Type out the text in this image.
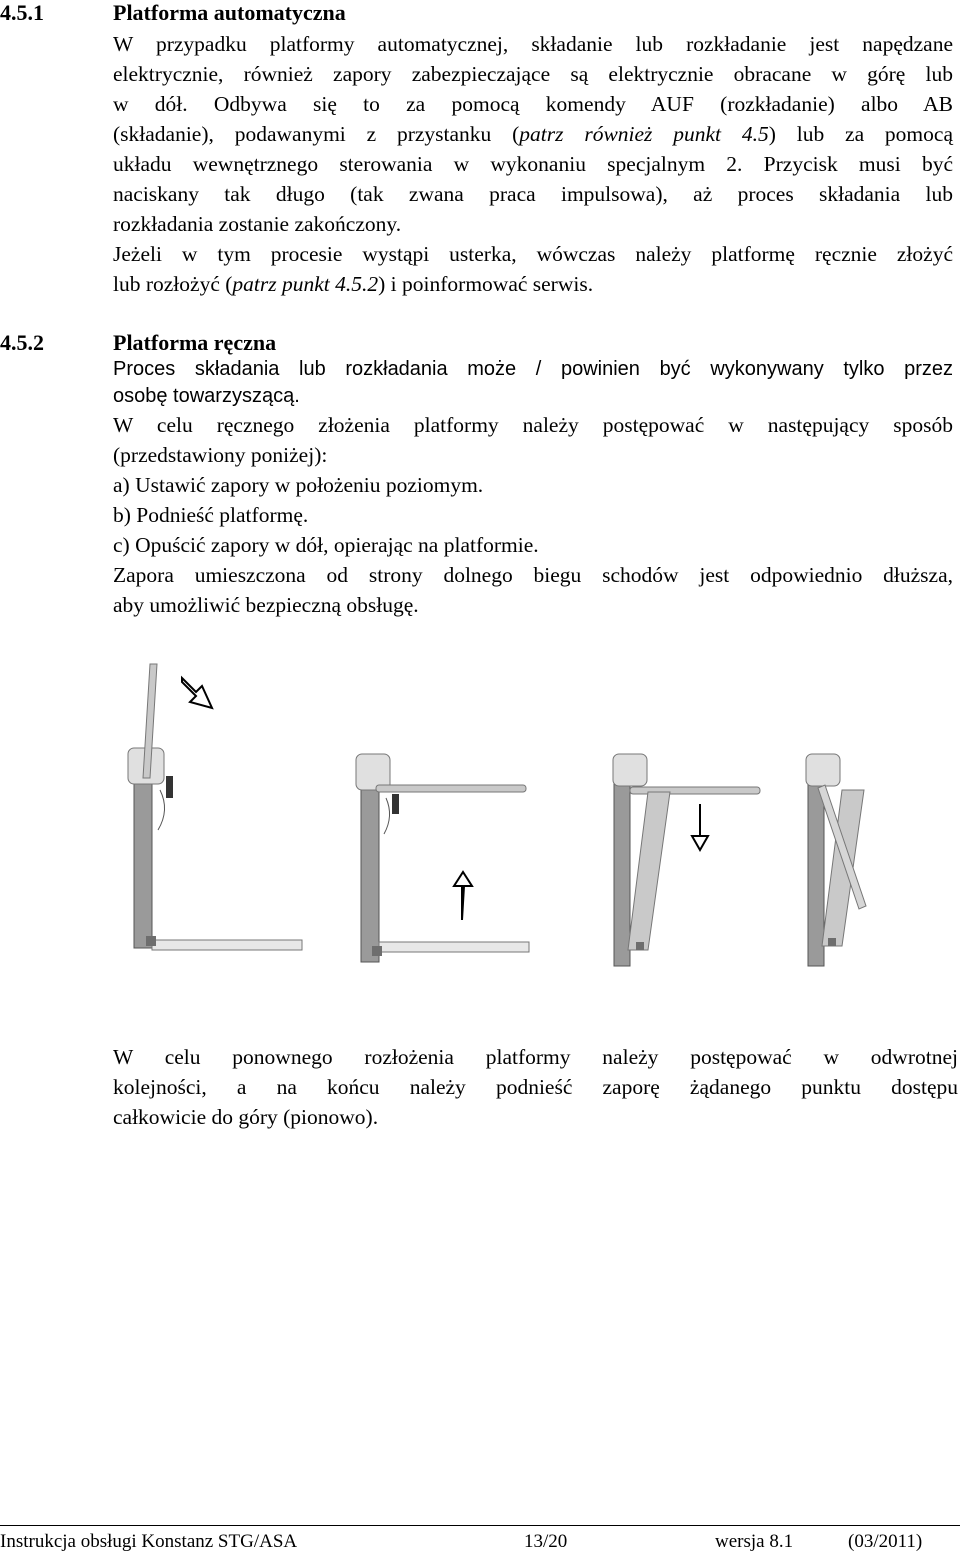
4.5.1	Platforma automatyczna
W przypadku platformy automatycznej, składanie lub rozkładanie jest napędzane
elektrycznie, również zapory zabezpieczające są elektrycznie obracane w górę lub
w dół. Odbywa się to za pomocą komendy AUF (rozkładanie) albo AB
(składanie), podawanymi z przystanku (patrz również punkt 4.5) lub za pomocą
układu wewnętrznego sterowania w wykonaniu specjalnym 2. Przycisk musi być
naciskany tak długo (tak zwana praca impulsowa), aż proces składania lub
rozkładania zostanie zakończony.
Jeżeli w tym procesie wystąpi usterka, wówczas należy platformę ręcznie złożyć
lub rozłożyć (patrz punkt 4.5.2) i poinformować serwis.
4.5.2	Platforma ręczna
Proces składania lub rozkładania może / powinien być wykonywany tylko przez
osobę towarzyszącą.
W celu ręcznego złożenia platformy należy postępować w następujący sposób
(przedstawiony poniżej):
a) Ustawić zapory w położeniu poziomym.
b) Podnieść platformę.
c) Opuścić zapory w dół, opierając na platformie.
Zapora umieszczona od strony dolnego biegu schodów jest odpowiednio dłuższa,
aby umożliwić bezpieczną obsługę.
W celu ponownego rozłożenia platformy należy postępować w odwrotnej
kolejności, a na końcu należy podnieść zaporę żądanego punktu dostępu
całkowicie do góry (pionowo).
Instrukcja obsługi Konstanz STG/ASA	13/20	wersja 8.1	(03/2011)
